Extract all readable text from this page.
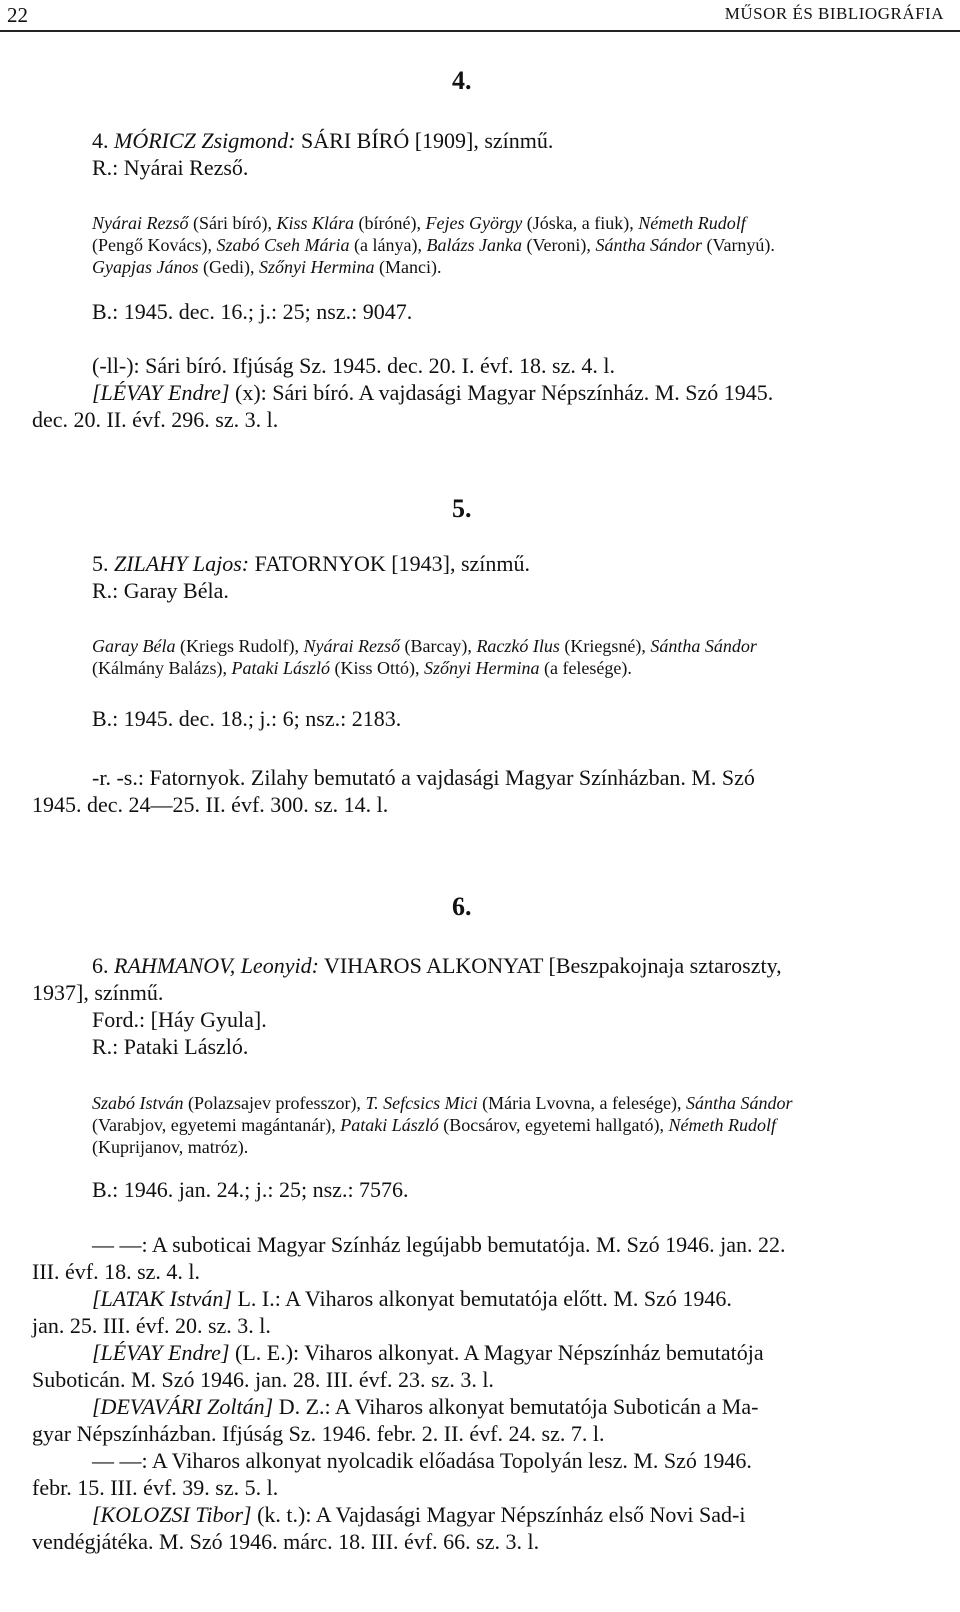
22	MŰSOR ÉS BIBLIOGRÁFIA
4.
4. MÓRICZ Zsigmond: SÁRI BÍRÓ [1909], színmű.
R.: Nyárai Rezső.
Nyárai Rezső (Sári bíró), Kiss Klára (bíróné), Fejes György (Jóska, a fiuk), Németh Rudolf
(Pengő Kovács), Szabó Cseh Mária (a lánya), Balázs Janka (Veroni), Sántha Sándor (Varnyú).
Gyapjas János (Gedi), Szőnyi Hermina (Manci).
B.: 1945. dec. 16.; j.: 25; nsz.: 9047.
(-ll-): Sári bíró. Ifjúság Sz. 1945. dec. 20. I. évf. 18. sz. 4. l.
[LÉVAY Endre] (x): Sári bíró. A vajdasági Magyar Népszínház. M. Szó 1945.
dec. 20. II. évf. 296. sz. 3. l.
5.
5. ZILAHY Lajos: FATORNYOK [1943], színmű.
R.: Garay Béla.
Garay Béla (Kriegs Rudolf), Nyárai Rezső (Barcay), Raczkó Ilus (Kriegsné), Sántha Sándor
(Kálmány Balázs), Pataki László (Kiss Ottó), Szőnyi Hermina (a felesége).
B.: 1945. dec. 18.; j.: 6; nsz.: 2183.
-r. -s.: Fatornyok. Zilahy bemutató a vajdasági Magyar Színházban. M. Szó
1945. dec. 24—25. II. évf. 300. sz. 14. l.
6.
6. RAHMANOV, Leonyid: VIHAROS ALKONYAT [Beszpakojnaja sztaroszty,
1937], színmű.
Ford.: [Háy Gyula].
R.: Pataki László.
Szabó István (Polazsajev professzor), T. Sefcsics Mici (Mária Lvovna, a felesége), Sántha Sándor
(Varabjov, egyetemi magántanár), Pataki László (Bocsárov, egyetemi hallgató), Németh Rudolf
(Kuprijanov, matróz).
B.: 1946. jan. 24.; j.: 25; nsz.: 7576.
— —: A suboticai Magyar Színház legújabb bemutatója. M. Szó 1946. jan. 22.
III. évf. 18. sz. 4. l.
[LATAK István] L. I.: A Viharos alkonyat bemutatója előtt. M. Szó 1946.
jan. 25. III. évf. 20. sz. 3. l.
[LÉVAY Endre] (L. E.): Viharos alkonyat. A Magyar Népszínház bemutatója
Suboticán. M. Szó 1946. jan. 28. III. évf. 23. sz. 3. l.
[DEVAVÁRI Zoltán] D. Z.: A Viharos alkonyat bemutatója Suboticán a Ma-
gyar Népszínházban. Ifjúság Sz. 1946. febr. 2. II. évf. 24. sz. 7. l.
— —: A Viharos alkonyat nyolcadik előadása Topolyán lesz. M. Szó 1946.
febr. 15. III. évf. 39. sz. 5. l.
[KOLOZSI Tibor] (k. t.): A Vajdasági Magyar Népszínház első Novi Sad-i
vendégjátéka. M. Szó 1946. márc. 18. III. évf. 66. sz. 3. l.
